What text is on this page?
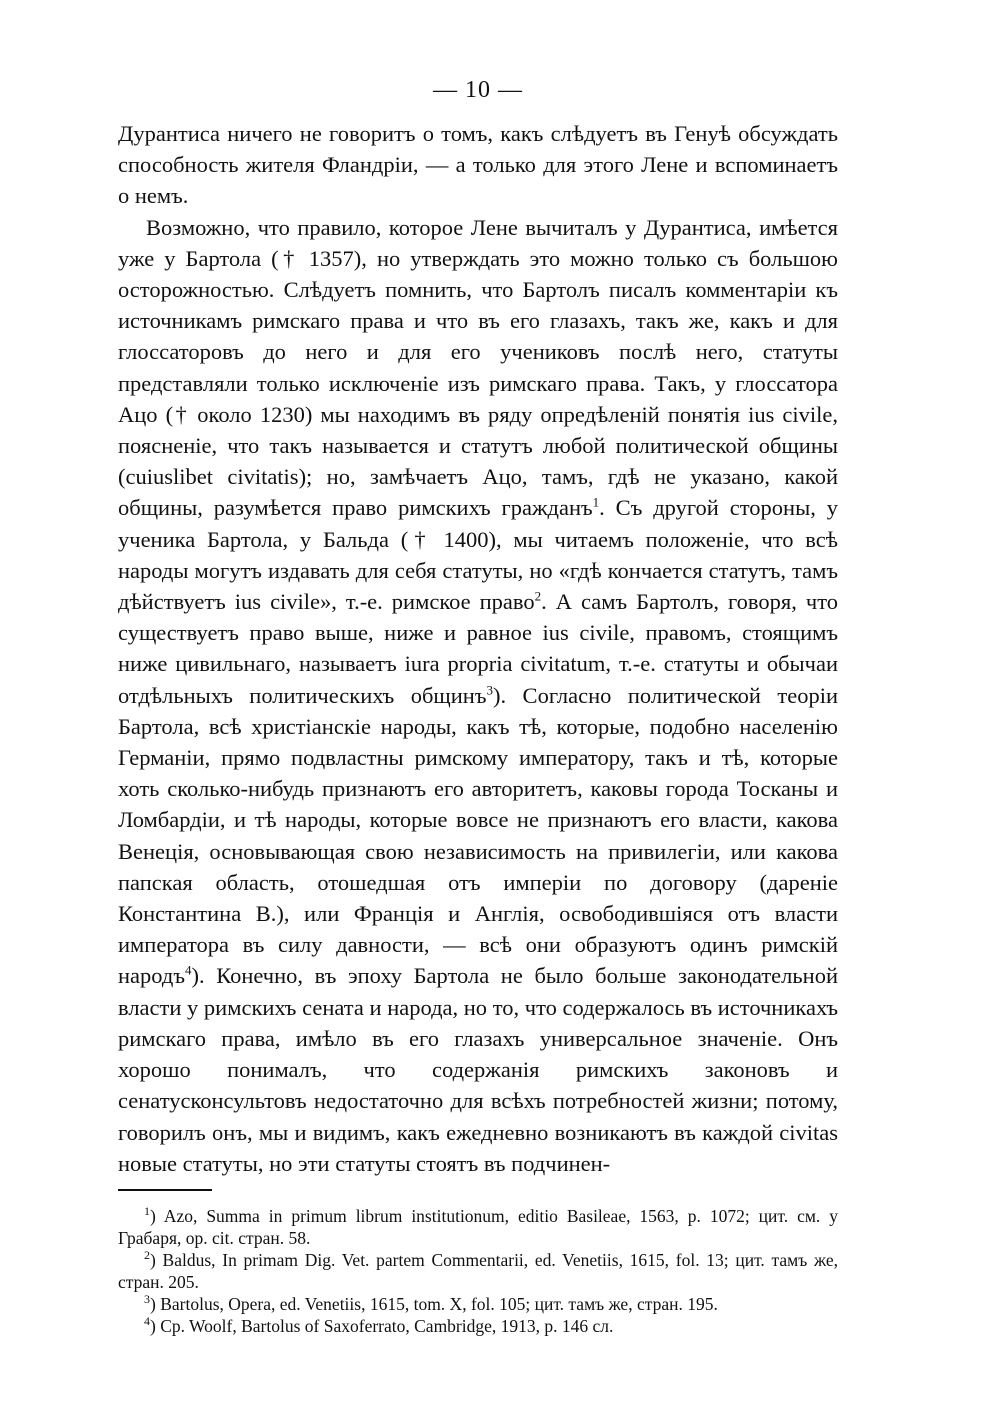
— 10 —

Дурантиса ничего не говоритъ о томъ, какъ слѣдуетъ въ Генуѣ обсуждать способность жителя Фландріи, — а только для этого Лене и вспоминаетъ о немъ.

Возможно, что правило, которое Лене вычиталъ у Дурантиса, имѣется уже у Бартола († 1357), но утверждать это можно только съ большою осторожностью. Слѣдуетъ помнить, что Бартолъ писалъ комментаріи къ источникамъ римскаго права и что въ его глазахъ, такъ же, какъ и для глоссаторовъ до него и для его учениковъ послѣ него, статуты представляли только исключеніе изъ римскаго права. Такъ, у глоссатора Ацо († около 1230) мы находимъ въ ряду опредѣленій понятія ius civile, поясненіе, что такъ называется и статутъ любой политической общины (cuiuslibet civitatis); но, замѣчаетъ Ацо, тамъ, гдѣ не указано, какой общины, разумѣется право римскихъ гражданъ$^1$. Съ другой стороны, у ученика Бартола, у Бальда († 1400), мы читаемъ положеніе, что всѣ народы могутъ издавать для себя статуты, но «гдѣ кончается статутъ, тамъ дѣйствуетъ ius civile», т.-е. римское право$^2$. А самъ Бартолъ, говоря, что существуетъ право выше, ниже и равное ius civile, правомъ, стоящимъ ниже цивильнаго, называетъ iura propria civitatum, т.-е. статуты и обычаи отдѣльныхъ политическихъ общинъ$^3$). Согласно политической теоріи Бартола, всѣ христіанскіе народы, какъ тѣ, которые, подобно населенію Германіи, прямо подвластны римскому императору, такъ и тѣ, которые хоть сколько-нибудь признаютъ его авторитетъ, каковы города Тосканы и Ломбардіи, и тѣ народы, которые вовсе не признаютъ его власти, какова Венеція, основывающая свою независимость на привилегіи, или какова папская область, отошедшая отъ имперіи по договору (дареніе Константина В.), или Франція и Англія, освободившіяся отъ власти императора въ силу давности, — всѣ они образуютъ одинъ римскій народъ$^4$). Конечно, въ эпоху Бартола не было больше законодательной власти у римскихъ сената и народа, но то, что содержалось въ источникахъ римскаго права, имѣло въ его глазахъ универсальное значеніе. Онъ хорошо понималъ, что содержанія римскихъ законовъ и сенатусконсультовъ недостаточно для всѣхъ потребностей жизни; потому, говорилъ онъ, мы и видимъ, какъ ежедневно возникаютъ въ каждой civitas новые статуты, но эти статуты стоятъ въ подчинен-

$^1$) Azo, Summa in primum librum institutionum, editio Basileae, 1563, p. 1072; цит. см. у Грабаря, op. cit. стран. 58.

$^2$) Baldus, In primam Dig. Vet. partem Commentarii, ed. Venetiis, 1615, fol. 13; цит. тамъ же, стран. 205.

$^3$) Bartolus, Opera, ed. Venetiis, 1615, tom. X, fol. 105; цит. тамъ же, стран. 195.

$^4$) Cp. Woolf, Bartolus of Saxoferrato, Cambridge, 1913, p. 146 сл.
